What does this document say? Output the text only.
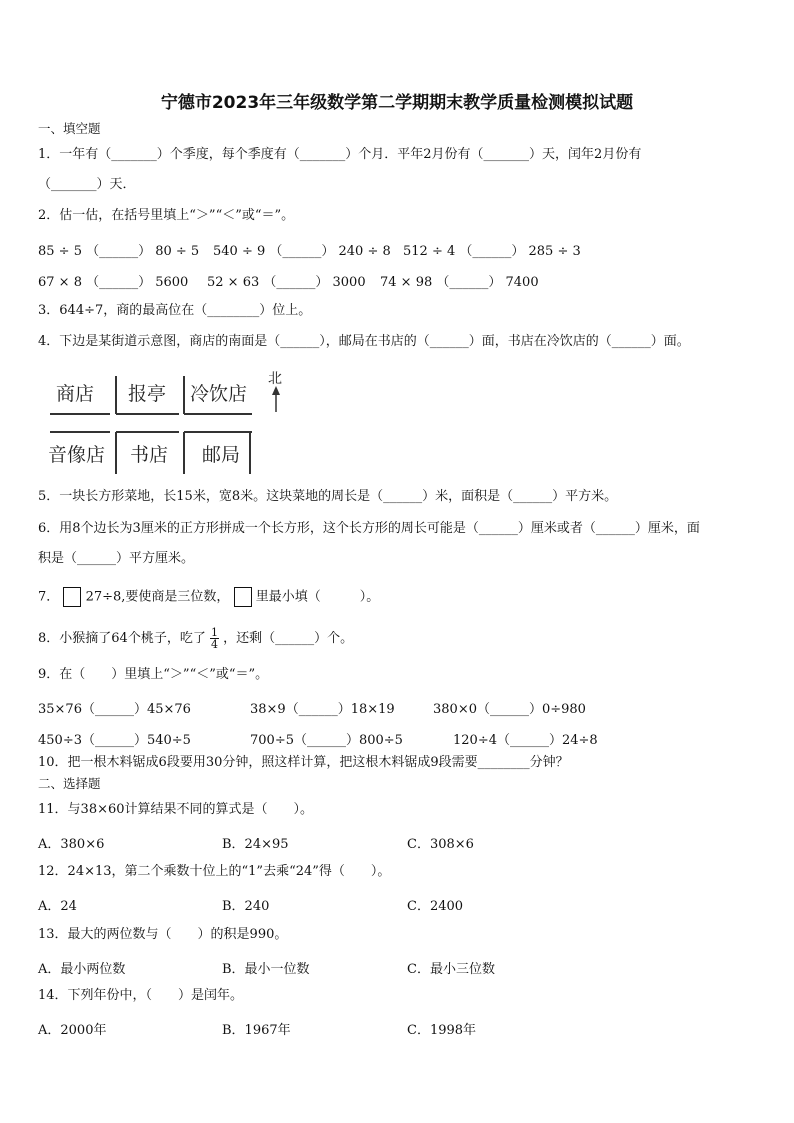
宁德市2023年三年级数学第二学期期末教学质量检测模拟试题
一、填空题
1．一年有（_______）个季度，每个季度有（_______）个月．平年2月份有（_______）天，闰年2月份有
（_______）天．
2．估一估，在括号里填上“＞”“＜”或“＝”。
85 ÷ 5 （______） 80 ÷ 5 540 ÷ 9 （______） 240 ÷ 8 512 ÷ 4 （______） 285 ÷ 3
67 × 8 （______） 5600 52 × 63 （______） 3000 74 × 98 （______） 7400
3．644÷7，商的最高位在（________）位上。
4．下边是某街道示意图，商店的南面是（______），邮局在书店的（______）面，书店在冷饮店的（______）面。
商店 报亭 冷饮店
音像店 书店 邮局
北
5．一块长方形菜地，长15米，宽8米。这块菜地的周长是（______）米，面积是（______）平方米。
6．用8个边长为3厘米的正方形拼成一个长方形，这个长方形的周长可能是（______）厘米或者（______）厘米，面
积是（______）平方厘米。
7． 27÷8,要使商是三位数， 里最小填（　　　）。
8．小猴摘了64个桃子，吃了 $\frac{1}{4}$ ，还剩（______）个。
9．在（　　）里填上“＞”“＜”或“＝”。
35×76（______）45×76	38×9（______）18×19	380×0（______）0÷980
450÷3（______）540÷5	700÷5（______）800÷5	120÷4（______）24÷8
10．把一根木料锯成6段要用30分钟，照这样计算，把这根木料锯成9段需要________分钟？
二、选择题
11．与38×60计算结果不同的算式是（　　）。
A．380×6	B．24×95	C．308×6
12．24×13，第二个乘数十位上的“1”去乘“24”得（　　）。
A．24	B．240	C．2400
13．最大的两位数与（　　）的积是990。
A．最小两位数	B．最小一位数	C．最小三位数
14．下列年份中，（　　）是闰年。
A．2000年	B．1967年	C．1998年
